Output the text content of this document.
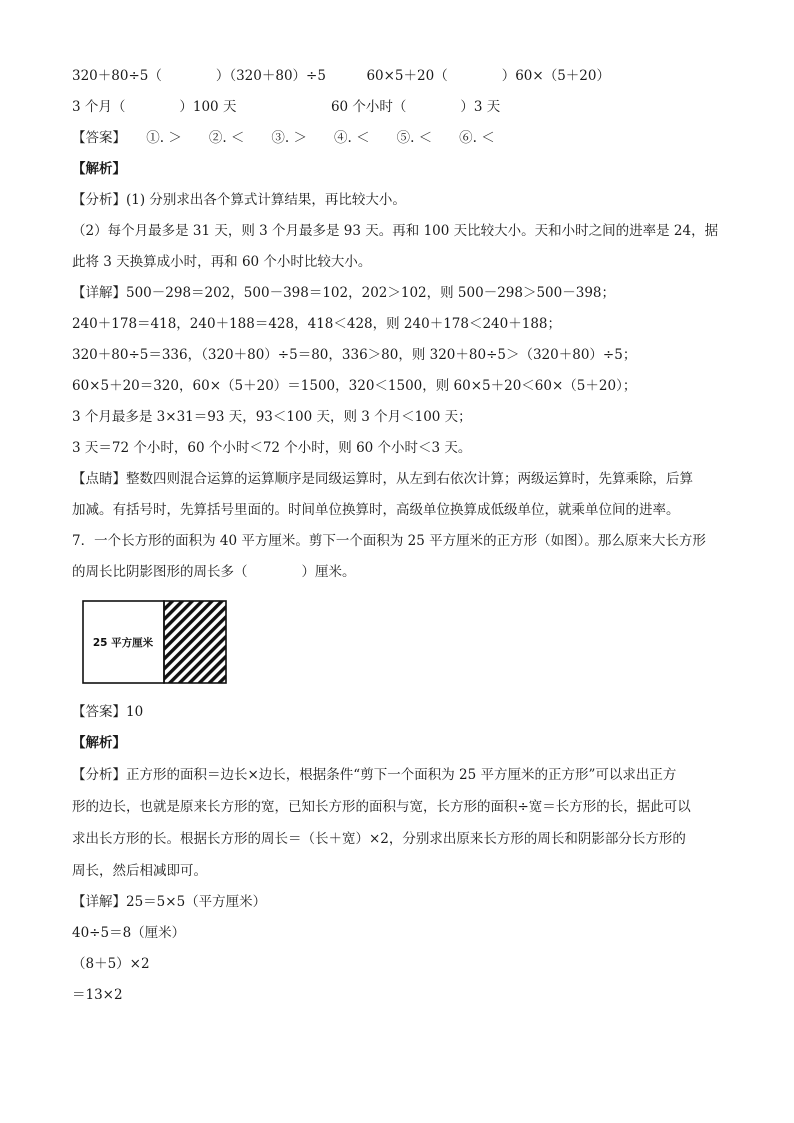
320＋80÷5（　　　　）（320＋80）÷5　　　60×5＋20（　　　　）60×（5＋20）
3 个月（　　　　）100 天　　　　　　　60 个小时（　　　　）3 天
【答案】　　①. ＞　　②. ＜　　③. ＞　　④. ＜　　⑤. ＜　　⑥. ＜
【解析】
【分析】(1) 分别求出各个算式计算结果，再比较大小。
（2）每个月最多是 31 天，则 3 个月最多是 93 天。再和 100 天比较大小。天和小时之间的进率是 24，据
此将 3 天换算成小时，再和 60 个小时比较大小。
【详解】500－298＝202，500－398＝102，202＞102，则 500－298＞500－398；
240＋178＝418，240＋188＝428，418＜428，则 240＋178＜240＋188；
320＋80÷5＝336，（320＋80）÷5＝80，336＞80，则 320＋80÷5＞（320＋80）÷5；
60×5＋20＝320，60×（5＋20）＝1500，320＜1500，则 60×5＋20＜60×（5＋20）；
3 个月最多是 3×31＝93 天，93＜100 天，则 3 个月＜100 天；
3 天＝72 个小时，60 个小时＜72 个小时，则 60 个小时＜3 天。
【点睛】整数四则混合运算的运算顺序是同级运算时，从左到右依次计算；两级运算时，先算乘除，后算
加减。有括号时，先算括号里面的。时间单位换算时，高级单位换算成低级单位，就乘单位间的进率。
7．一个长方形的面积为 40 平方厘米。剪下一个面积为 25 平方厘米的正方形（如图）。那么原来大长方形
的周长比阴影图形的周长多（　　　　）厘米。
25 平方厘米
【答案】10
【解析】
【分析】正方形的面积＝边长×边长，根据条件“剪下一个面积为 25 平方厘米的正方形”可以求出正方
形的边长，也就是原来长方形的宽，已知长方形的面积与宽，长方形的面积÷宽＝长方形的长，据此可以
求出长方形的长。根据长方形的周长＝（长＋宽）×2，分别求出原来长方形的周长和阴影部分长方形的
周长，然后相减即可。
【详解】25＝5×5（平方厘米）
40÷5＝8（厘米）
（8＋5）×2
＝13×2
